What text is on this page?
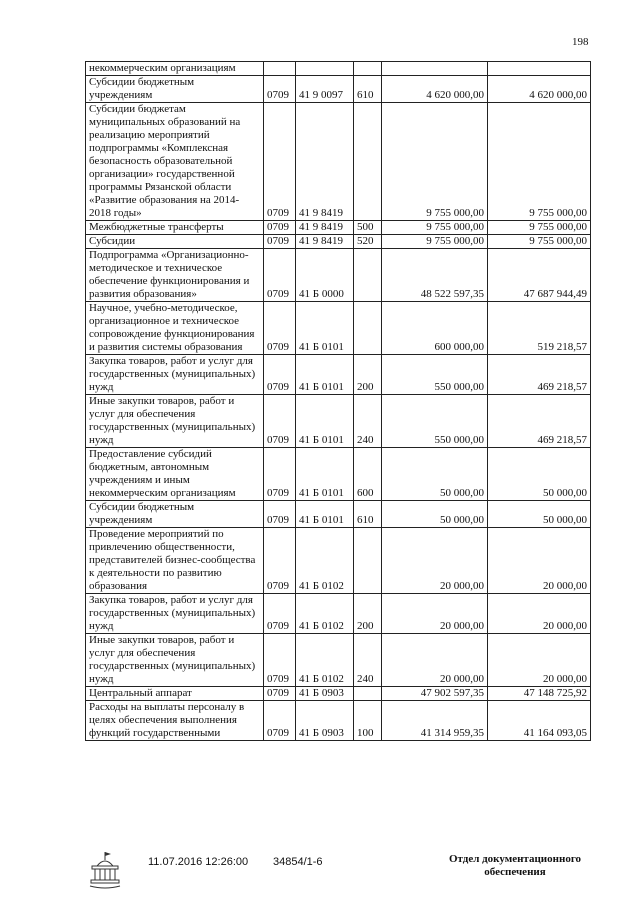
198
некоммерческим организациям					
Субсидии бюджетным учреждениям	0709	41 9 0097	610	4 620 000,00	4 620 000,00
Субсидии бюджетам муниципальных образований на реализацию мероприятий подпрограммы «Комплексная безопасность образовательной организации» государственной программы Рязанской области «Развитие образования на 2014-2018 годы»	0709	41 9 8419		9 755 000,00	9 755 000,00
Межбюджетные трансферты	0709	41 9 8419	500	9 755 000,00	9 755 000,00
Субсидии	0709	41 9 8419	520	9 755 000,00	9 755 000,00
Подпрограмма «Организационно-методическое и техническое обеспечение функционирования и развития образования»	0709	41 Б 0000		48 522 597,35	47 687 944,49
Научное, учебно-методическое, организационное и техническое сопровождение функционирования и развития системы образования	0709	41 Б 0101		600 000,00	519 218,57
Закупка товаров, работ и услуг для государственных (муниципальных) нужд	0709	41 Б 0101	200	550 000,00	469 218,57
Иные закупки товаров, работ и услуг для обеспечения государственных (муниципальных) нужд	0709	41 Б 0101	240	550 000,00	469 218,57
Предоставление субсидий бюджетным, автономным учреждениям и иным некоммерческим организациям	0709	41 Б 0101	600	50 000,00	50 000,00
Субсидии бюджетным учреждениям	0709	41 Б 0101	610	50 000,00	50 000,00
Проведение мероприятий по привлечению общественности, представителей бизнес-сообщества к деятельности по развитию образования	0709	41 Б 0102		20 000,00	20 000,00
Закупка товаров, работ и услуг для государственных (муниципальных) нужд	0709	41 Б 0102	200	20 000,00	20 000,00
Иные закупки товаров, работ и услуг для обеспечения государственных (муниципальных) нужд	0709	41 Б 0102	240	20 000,00	20 000,00
Центральный аппарат	0709	41 Б 0903		47 902 597,35	47 148 725,92
Расходы на выплаты персоналу в целях обеспечения выполнения функций государственными	0709	41 Б 0903	100	41 314 959,35	41 164 093,05
11.07.2016 12:26:00 34854/1-6	Отдел документационного
обеспечения
